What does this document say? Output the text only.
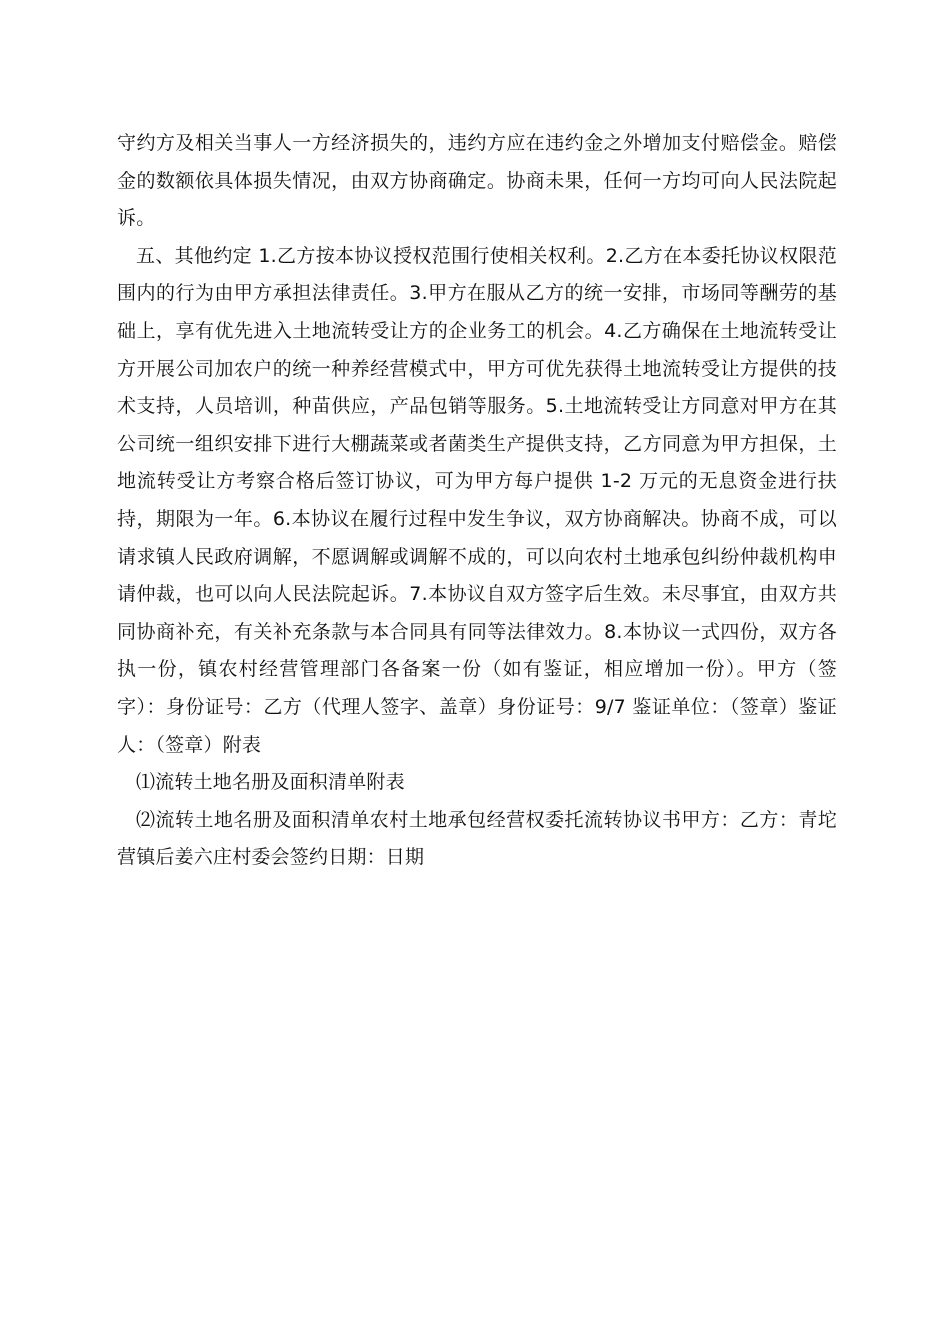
守约方及相关当事人一方经济损失的，违约方应在违约金之外增加支付赔偿金。赔偿金的数额依具体损失情况，由双方协商确定。协商未果，任何一方均可向人民法院起诉。

五、其他约定 1.乙方按本协议授权范围行使相关权利。2.乙方在本委托协议权限范围内的行为由甲方承担法律责任。3.甲方在服从乙方的统一安排，市场同等酬劳的基础上，享有优先进入土地流转受让方的企业务工的机会。4.乙方确保在土地流转受让方开展公司加农户的统一种养经营模式中，甲方可优先获得土地流转受让方提供的技术支持，人员培训，种苗供应，产品包销等服务。5.土地流转受让方同意对甲方在其公司统一组织安排下进行大棚蔬菜或者菌类生产提供支持，乙方同意为甲方担保，土地流转受让方考察合格后签订协议，可为甲方每户提供 1-2 万元的无息资金进行扶持，期限为一年。6.本协议在履行过程中发生争议，双方协商解决。协商不成，可以请求镇人民政府调解，不愿调解或调解不成的，可以向农村土地承包纠纷仲裁机构申请仲裁，也可以向人民法院起诉。7.本协议自双方签字后生效。未尽事宜，由双方共同协商补充，有关补充条款与本合同具有同等法律效力。8.本协议一式四份，双方各执一份，镇农村经营管理部门各备案一份（如有鉴证，相应增加一份）。甲方（签字）：身份证号：乙方（代理人签字、盖章）身份证号：9/7 鉴证单位：（签章）鉴证人：（签章）附表

⑴流转土地名册及面积清单附表

⑵流转土地名册及面积清单农村土地承包经营权委托流转协议书甲方：乙方：青坨营镇后姜六庄村委会签约日期：日期
